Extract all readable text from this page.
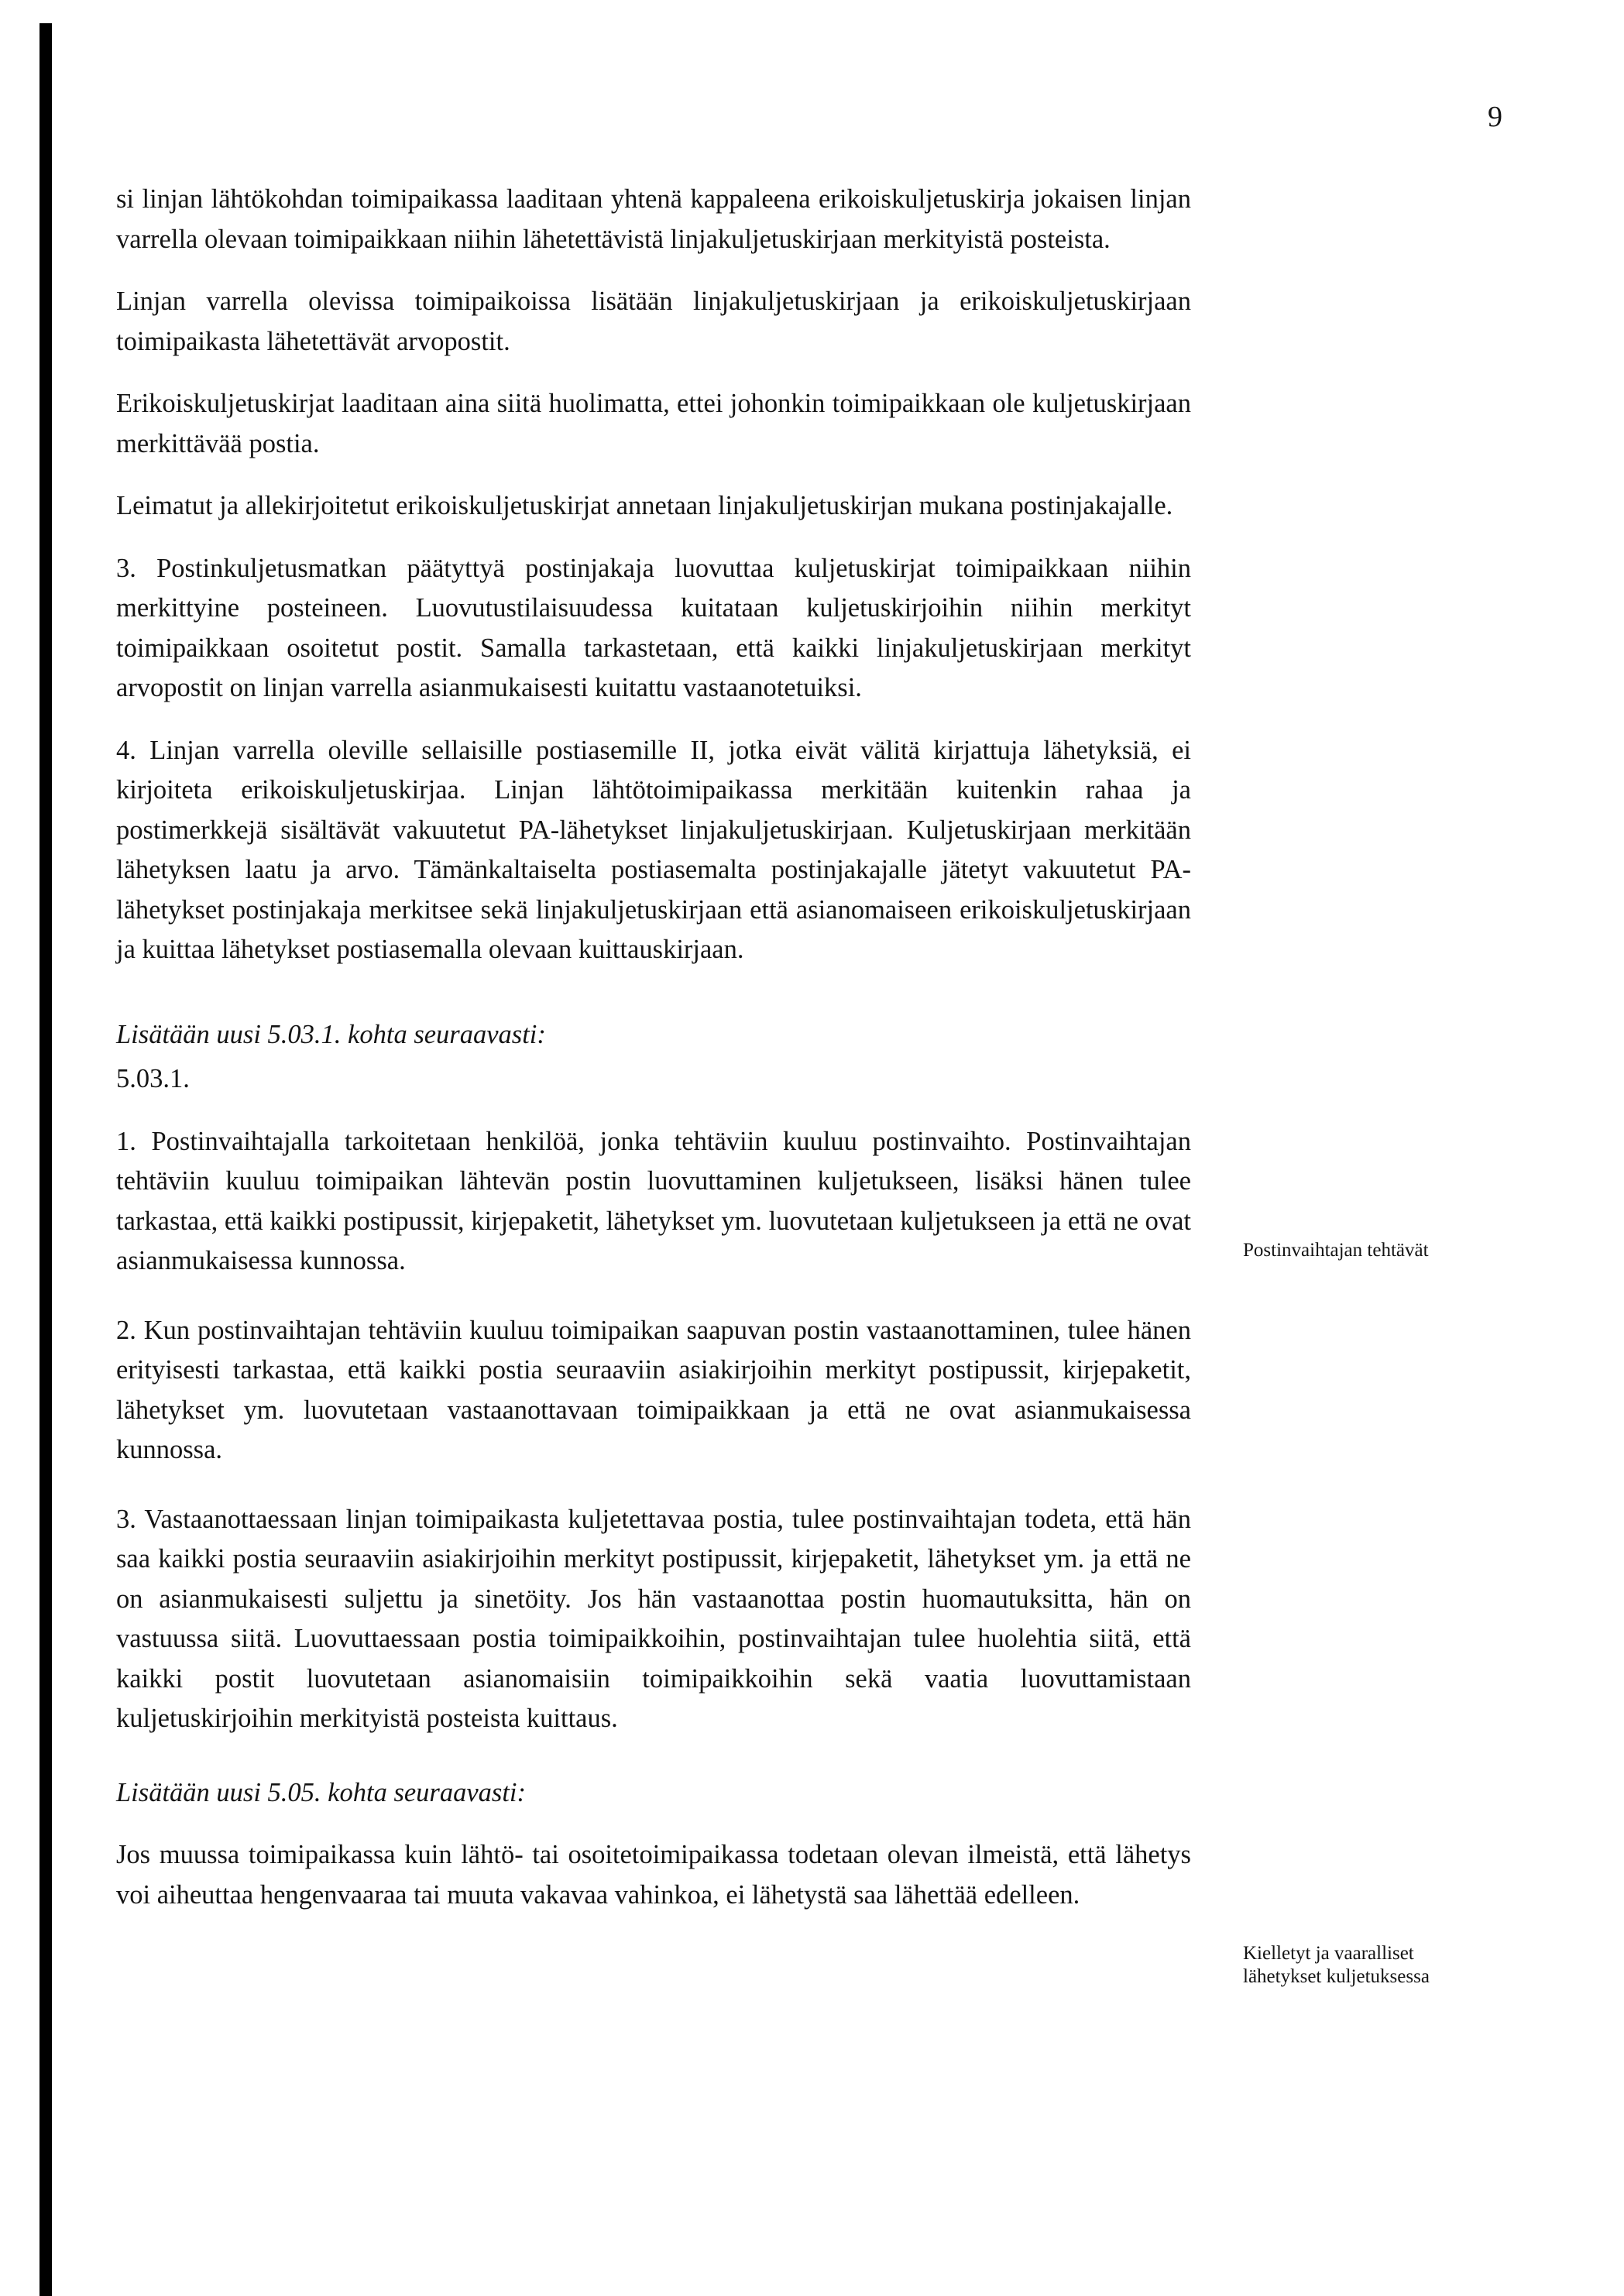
9

si linjan lähtökohdan toimipaikassa laaditaan yhtenä kappaleena erikoiskuljetuskirja jokaisen linjan varrella olevaan toimipaikkaan niihin lähetettävistä linjakuljetuskirjaan merkityistä posteista.

Linjan varrella olevissa toimipaikoissa lisätään linjakuljetuskirjaan ja erikoiskuljetuskirjaan toimipaikasta lähetettävät arvopostit.

Erikoiskuljetuskirjat laaditaan aina siitä huolimatta, ettei johonkin toimipaikkaan ole kuljetuskirjaan merkittävää postia.

Leimatut ja allekirjoitetut erikoiskuljetuskirjat annetaan linjakuljetuskirjan mukana postinjakajalle.

3. Postinkuljetusmatkan päätyttyä postinjakaja luovuttaa kuljetuskirjat toimipaikkaan niihin merkittyine posteineen. Luovutustilaisuudessa kuitataan kuljetuskirjoihin niihin merkityt toimipaikkaan osoitetut postit. Samalla tarkastetaan, että kaikki linjakuljetuskirjaan merkityt arvopostit on linjan varrella asianmukaisesti kuitattu vastaanotetuiksi.

4. Linjan varrella oleville sellaisille postiasemille II, jotka eivät välitä kirjattuja lähetyksiä, ei kirjoiteta erikoiskuljetuskirjaa. Linjan lähtötoimipaikassa merkitään kuitenkin rahaa ja postimerkkejä sisältävät vakuutetut PA-lähetykset linjakuljetuskirjaan. Kuljetuskirjaan merkitään lähetyksen laatu ja arvo. Tämänkaltaiselta postiasemalta postinjakajalle jätetyt vakuutetut PA-lähetykset postinjakaja merkitsee sekä linjakuljetuskirjaan että asianomaiseen erikoiskuljetuskirjaan ja kuittaa lähetykset postiasemalla olevaan kuittauskirjaan.

Lisätään uusi 5.03.1. kohta seuraavasti:

5.03.1.

1. Postinvaihtajalla tarkoitetaan henkilöä, jonka tehtäviin kuuluu postinvaihto. Postinvaihtajan tehtäviin kuuluu toimipaikan lähtevän postin luovuttaminen kuljetukseen, lisäksi hänen tulee tarkastaa, että kaikki postipussit, kirjepaketit, lähetykset ym. luovutetaan kuljetukseen ja että ne ovat asianmukaisessa kunnossa.

2. Kun postinvaihtajan tehtäviin kuuluu toimipaikan saapuvan postin vastaanottaminen, tulee hänen erityisesti tarkastaa, että kaikki postia seuraaviin asiakirjoihin merkityt postipussit, kirjepaketit, lähetykset ym. luovutetaan vastaanottavaan toimipaikkaan ja että ne ovat asianmukaisessa kunnossa.

3. Vastaanottaessaan linjan toimipaikasta kuljetettavaa postia, tulee postinvaihtajan todeta, että hän saa kaikki postia seuraaviin asiakirjoihin merkityt postipussit, kirjepaketit, lähetykset ym. ja että ne on asianmukaisesti suljettu ja sinetöity. Jos hän vastaanottaa postin huomautuksitta, hän on vastuussa siitä. Luovuttaessaan postia toimipaikkoihin, postinvaihtajan tulee huolehtia siitä, että kaikki postit luovutetaan asianomaisiin toimipaikkoihin sekä vaatia luovuttamistaan kuljetuskirjoihin merkityistä posteista kuittaus.

Lisätään uusi 5.05. kohta seuraavasti:

Jos muussa toimipaikassa kuin lähtö- tai osoitetoimipaikassa todetaan olevan ilmeistä, että lähetys voi aiheuttaa hengenvaaraa tai muuta vakavaa vahinkoa, ei lähetystä saa lähettää edelleen.

Postinvaihtajan tehtävät
Kielletyt ja vaaralliset lähetykset kuljetuksessa
